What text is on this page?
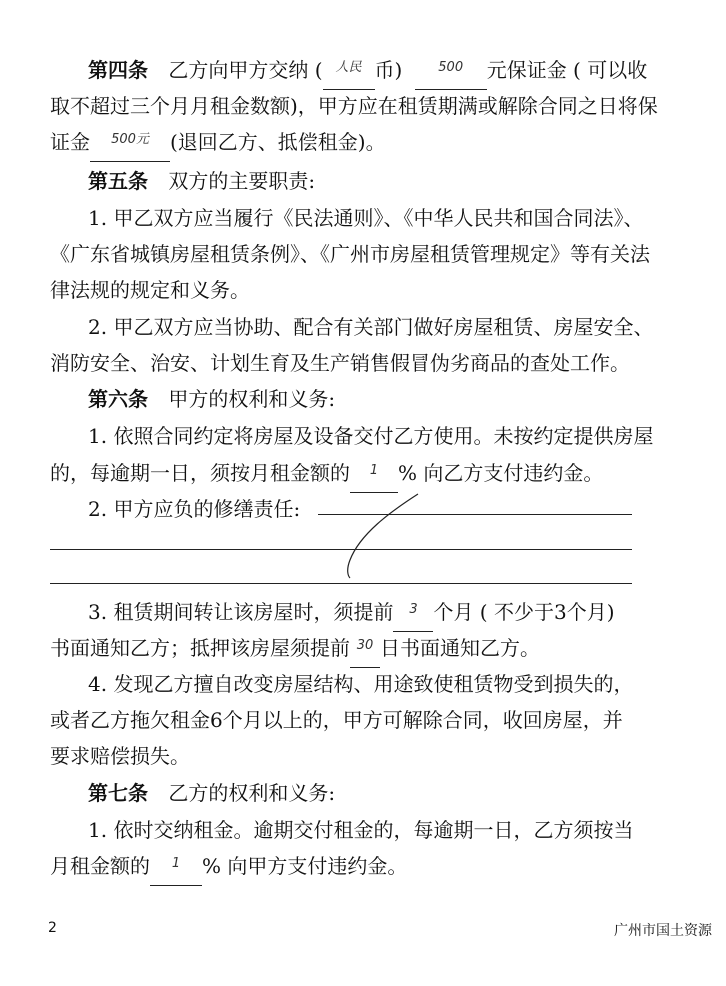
第四条 乙方向甲方交纳 ( $^{人民}$ 币)	$^{500}$ 元保证金 ( 可以收
取不超过三个月月租金数额)，甲方应在租赁期满或解除合同之日将保
证金 $^{500元}$ (退回乙方、抵偿租金)。
第五条 双方的主要职责:
1. 甲乙双方应当履行《民法通则》、《中华人民共和国合同法》、
《广东省城镇房屋租赁条例》、《广州市房屋租赁管理规定》等有关法
律法规的规定和义务。
2. 甲乙双方应当协助、配合有关部门做好房屋租赁、房屋安全、
消防安全、治安、计划生育及生产销售假冒伪劣商品的查处工作。
第六条 甲方的权利和义务:
1. 依照合同约定将房屋及设备交付乙方使用。未按约定提供房屋
的，每逾期一日，须按月租金额的 $^1$ % 向乙方支付违约金。
2. 甲方应负的修缮责任:
3. 租赁期间转让该房屋时，须提前 $^3$ 个月 ( 不少于3个月)
书面通知乙方；抵押该房屋须提前 $^{30}$ 日书面通知乙方。
4. 发现乙方擅自改变房屋结构、用途致使租赁物受到损失的，
或者乙方拖欠租金6个月以上的，甲方可解除合同，收回房屋，并
要求赔偿损失。
第七条 乙方的权利和义务:
1. 依时交纳租金。逾期交付租金的，每逾期一日，乙方须按当
月租金额的 $^1$ % 向甲方支付违约金。
2	广州市国土资源
